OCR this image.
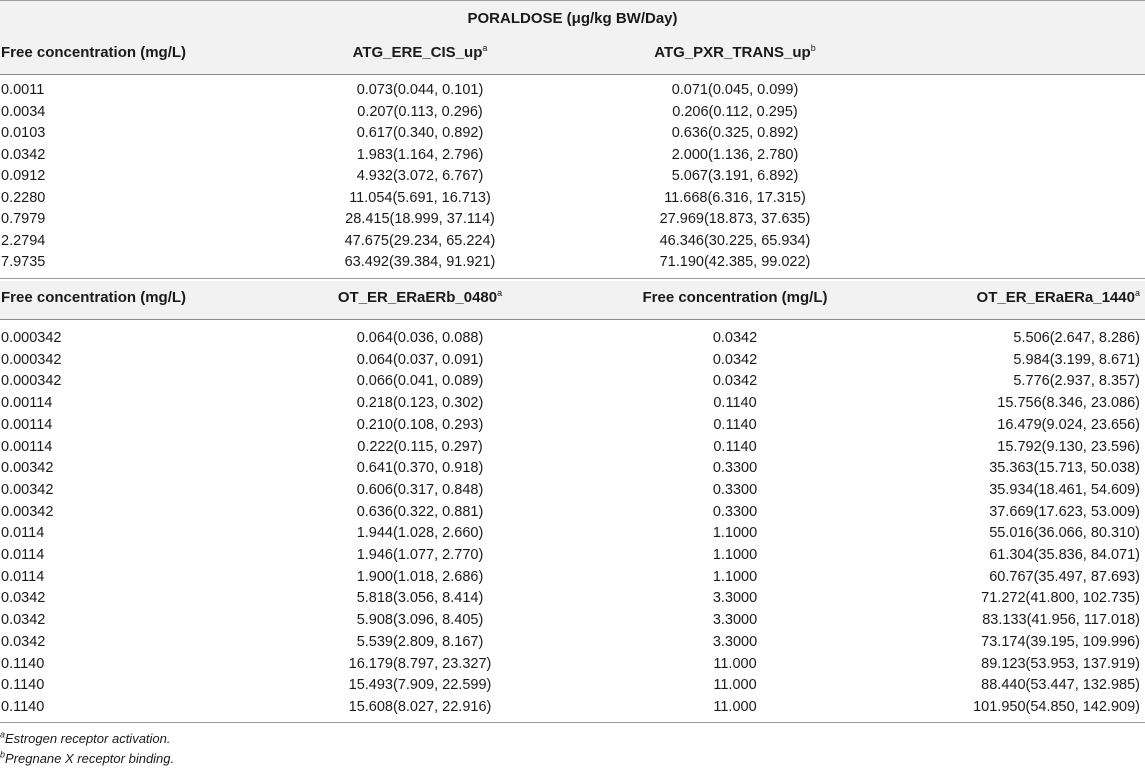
PORALDOSE (μg/kg BW/Day)
Free concentration (mg/L)	$ATG\_ERE\_CIS\_up^a$	$ATG\_PXR\_TRANS\_up^b$
0.0011	0.073(0.044, 0.101)	0.071(0.045, 0.099)
0.0034	0.207(0.113, 0.296)	0.206(0.112, 0.295)
0.0103	0.617(0.340, 0.892)	0.636(0.325, 0.892)
0.0342	1.983(1.164, 2.796)	2.000(1.136, 2.780)
0.0912	4.932(3.072, 6.767)	5.067(3.191, 6.892)
0.2280	11.054(5.691, 16.713)	11.668(6.316, 17.315)
0.7979	28.415(18.999, 37.114)	27.969(18.873, 37.635)
2.2794	47.675(29.234, 65.224)	46.346(30.225, 65.934)
7.9735	63.492(39.384, 91.921)	71.190(42.385, 99.022)
Free concentration (mg/L)	OT_ER_ERaERb_0480$^a$	Free concentration (mg/L)	OT_ER_ERaERa_1440$^a$
0.000342	0.064(0.036, 0.088)	0.0342	5.506(2.647, 8.286)
0.000342	0.064(0.037, 0.091)	0.0342	5.984(3.199, 8.671)
0.000342	0.066(0.041, 0.089)	0.0342	5.776(2.937, 8.357)
0.00114	0.218(0.123, 0.302)	0.1140	15.756(8.346, 23.086)
0.00114	0.210(0.108, 0.293)	0.1140	16.479(9.024, 23.656)
0.00114	0.222(0.115, 0.297)	0.1140	15.792(9.130, 23.596)
0.00342	0.641(0.370, 0.918)	0.3300	35.363(15.713, 50.038)
0.00342	0.606(0.317, 0.848)	0.3300	35.934(18.461, 54.609)
0.00342	0.636(0.322, 0.881)	0.3300	37.669(17.623, 53.009)
0.0114	1.944(1.028, 2.660)	1.1000	55.016(36.066, 80.310)
0.0114	1.946(1.077, 2.770)	1.1000	61.304(35.836, 84.071)
0.0114	1.900(1.018, 2.686)	1.1000	60.767(35.497, 87.693)
0.0342	5.818(3.056, 8.414)	3.3000	71.272(41.800, 102.735)
0.0342	5.908(3.096, 8.405)	3.3000	83.133(41.956, 117.018)
0.0342	5.539(2.809, 8.167)	3.3000	73.174(39.195, 109.996)
0.1140	16.179(8.797, 23.327)	11.000	89.123(53.953, 137.919)
0.1140	15.493(7.909, 22.599)	11.000	88.440(53.447, 132.985)
0.1140	15.608(8.027, 22.916)	11.000	101.950(54.850, 142.909)
$^a$Estrogen receptor activation.
$^b$Pregnane X receptor binding.
